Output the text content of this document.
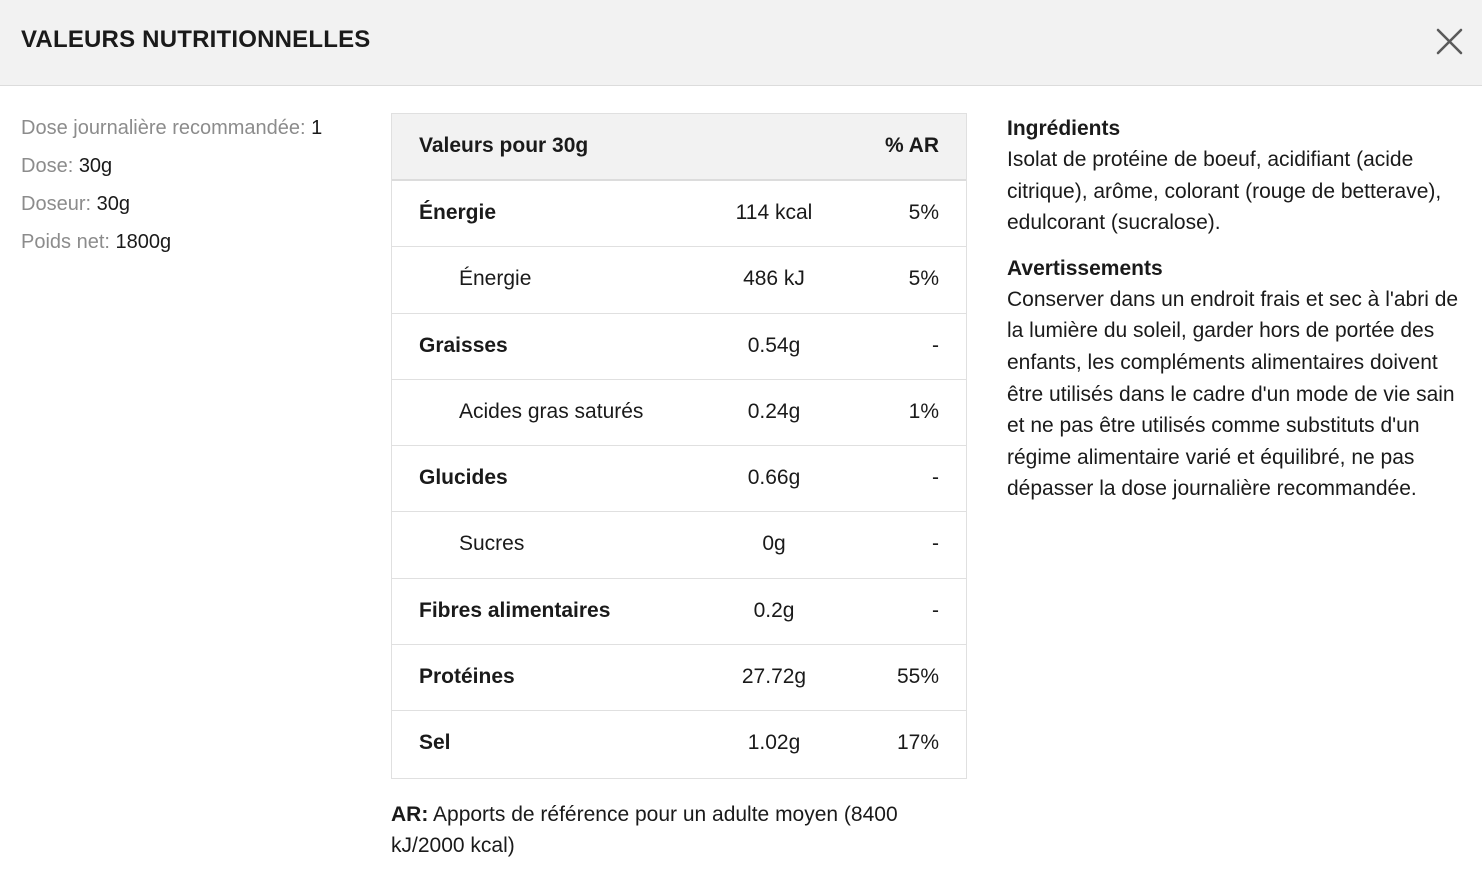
VALEURS NUTRITIONNELLES
Dose journalière recommandée: 1
Dose: 30g
Doseur: 30g
Poids net: 1800g
Valeurs pour 30g	% AR
Énergie	114 kcal	5%
Énergie	486 kJ	5%
Graisses	0.54g	-
Acides gras saturés	0.24g	1%
Glucides	0.66g	-
Sucres	0g	-
Fibres alimentaires	0.2g	-
Protéines	27.72g	55%
Sel	1.02g	17%
AR: Apports de référence pour un adulte moyen (8400 kJ/2000 kcal)
Ingrédients
Isolat de protéine de boeuf, acidifiant (acide citrique), arôme, colorant (rouge de betterave), edulcorant (sucralose).
Avertissements
Conserver dans un endroit frais et sec à l'abri de la lumière du soleil, garder hors de portée des enfants, les compléments alimentaires doivent être utilisés dans le cadre d'un mode de vie sain et ne pas être utilisés comme substituts d'un régime alimentaire varié et équilibré, ne pas dépasser la dose journalière recommandée.
